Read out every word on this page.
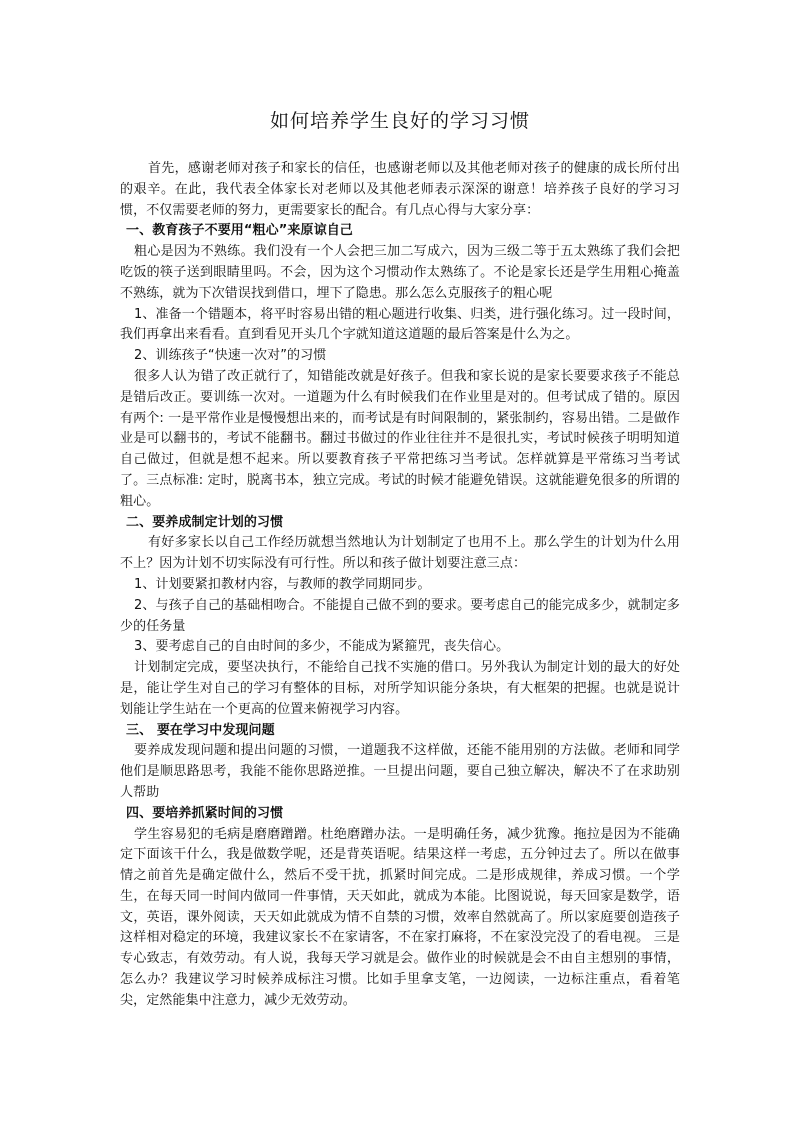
如何培养学生良好的学习习惯

首先，感谢老师对孩子和家长的信任，也感谢老师以及其他老师对孩子的健康的成长所付出的艰辛。在此，我代表全体家长对老师以及其他老师表示深深的谢意！培养孩子良好的学习习惯，不仅需要老师的努力，更需要家长的配合。有几点心得与大家分享：

一、教育孩子不要用“粗心”来原谅自己

粗心是因为不熟练。我们没有一个人会把三加二写成六，因为三级二等于五太熟练了我们会把吃饭的筷子送到眼睛里吗。不会，因为这个习惯动作太熟练了。不论是家长还是学生用粗心掩盖不熟练，就为下次错误找到借口，埋下了隐患。那么怎么克服孩子的粗心呢

1、准备一个错题本，将平时容易出错的粗心题进行收集、归类，进行强化练习。过一段时间，我们再拿出来看看。直到看见开头几个字就知道这道题的最后答案是什么为之。

2、训练孩子“快速一次对”的习惯

很多人认为错了改正就行了，知错能改就是好孩子。但我和家长说的是家长要要求孩子不能总是错后改正。要训练一次对。一道题为什么有时候我们在作业里是对的。但考试成了错的。原因有两个: 一是平常作业是慢慢想出来的，而考试是有时间限制的，紧张制约，容易出错。二是做作业是可以翻书的，考试不能翻书。翻过书做过的作业往往并不是很扎实，考试时候孩子明明知道自己做过，但就是想不起来。所以要教育孩子平常把练习当考试。怎样就算是平常练习当考试了。三点标准: 定时，脱离书本，独立完成。考试的时候才能避免错误。这就能避免很多的所谓的粗心。

二、要养成制定计划的习惯

有好多家长以自己工作经历就想当然地认为计划制定了也用不上。那么学生的计划为什么用不上？因为计划不切实际没有可行性。所以和孩子做计划要注意三点：

1、计划要紧扣教材内容，与教师的教学同期同步。

2、与孩子自己的基础相吻合。不能提自己做不到的要求。要考虑自己的能完成多少，就制定多少的任务量

3、要考虑自己的自由时间的多少，不能成为紧箍咒，丧失信心。

计划制定完成，要坚决执行，不能给自己找不实施的借口。另外我认为制定计划的最大的好处是，能让学生对自己的学习有整体的目标，对所学知识能分条块，有大框架的把握。也就是说计划能让学生站在一个更高的位置来俯视学习内容。

三、 要在学习中发现问题

要养成发现问题和提出问题的习惯，一道题我不这样做，还能不能用别的方法做。老师和同学他们是顺思路思考，我能不能你思路逆推。一旦提出问题，要自己独立解决，解决不了在求助别人帮助

四、要培养抓紧时间的习惯

学生容易犯的毛病是磨磨蹭蹭。杜绝磨蹭办法。一是明确任务，减少犹豫。拖拉是因为不能确定下面该干什么，我是做数学呢，还是背英语呢。结果这样一考虑，五分钟过去了。所以在做事情之前首先是确定做什么，然后不受干扰，抓紧时间完成。二是形成规律，养成习惯。一个学生，在每天同一时间内做同一件事情，天天如此，就成为本能。比图说说，每天回家是数学，语文，英语，课外阅读，天天如此就成为情不自禁的习惯，效率自然就高了。所以家庭要创造孩子这样相对稳定的环境，我建议家长不在家请客，不在家打麻将，不在家没完没了的看电视。 三是专心致志，有效劳动。有人说，我每天学习就是会。做作业的时候就是会不由自主想别的事情，怎么办？我建议学习时候养成标注习惯。比如手里拿支笔，一边阅读，一边标注重点，看着笔尖，定然能集中注意力，减少无效劳动。
